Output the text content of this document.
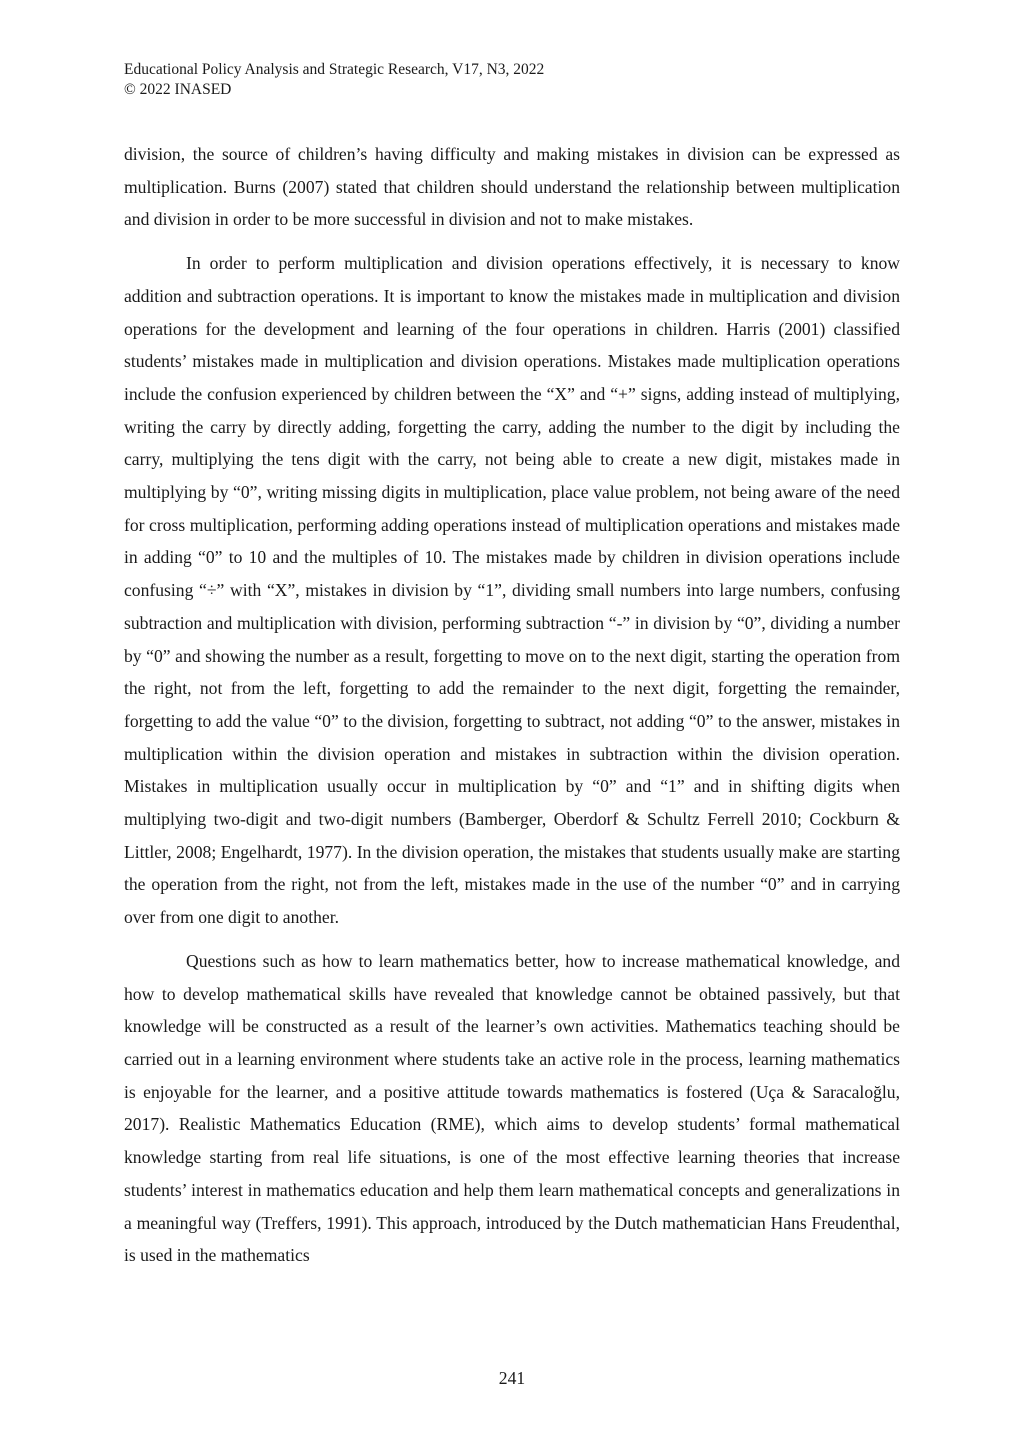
Educational Policy Analysis and Strategic Research, V17, N3, 2022
© 2022 INASED

division, the source of children’s having difficulty and making mistakes in division can be expressed as multiplication. Burns (2007) stated that children should understand the relationship between multiplication and division in order to be more successful in division and not to make mistakes.

In order to perform multiplication and division operations effectively, it is necessary to know addition and subtraction operations. It is important to know the mistakes made in multiplication and division operations for the development and learning of the four operations in children. Harris (2001) classified students’ mistakes made in multiplication and division operations. Mistakes made multiplication operations include the confusion experienced by children between the “X” and “+” signs, adding instead of multiplying, writing the carry by directly adding, forgetting the carry, adding the number to the digit by including the carry, multiplying the tens digit with the carry, not being able to create a new digit, mistakes made in multiplying by “0”, writing missing digits in multiplication, place value problem, not being aware of the need for cross multiplication, performing adding operations instead of multiplication operations and mistakes made in adding “0” to 10 and the multiples of 10. The mistakes made by children in division operations include confusing “÷” with “X”, mistakes in division by “1”, dividing small numbers into large numbers, confusing subtraction and multiplication with division, performing subtraction “-” in division by “0”, dividing a number by “0” and showing the number as a result, forgetting to move on to the next digit, starting the operation from the right, not from the left, forgetting to add the remainder to the next digit, forgetting the remainder, forgetting to add the value “0” to the division, forgetting to subtract, not adding “0” to the answer, mistakes in multiplication within the division operation and mistakes in subtraction within the division operation. Mistakes in multiplication usually occur in multiplication by “0” and “1” and in shifting digits when multiplying two-digit and two-digit numbers (Bamberger, Oberdorf & Schultz Ferrell 2010; Cockburn & Littler, 2008; Engelhardt, 1977). In the division operation, the mistakes that students usually make are starting the operation from the right, not from the left, mistakes made in the use of the number “0” and in carrying over from one digit to another.

Questions such as how to learn mathematics better, how to increase mathematical knowledge, and how to develop mathematical skills have revealed that knowledge cannot be obtained passively, but that knowledge will be constructed as a result of the learner’s own activities. Mathematics teaching should be carried out in a learning environment where students take an active role in the process, learning mathematics is enjoyable for the learner, and a positive attitude towards mathematics is fostered (Uça & Saracaloğlu, 2017). Realistic Mathematics Education (RME), which aims to develop students’ formal mathematical knowledge starting from real life situations, is one of the most effective learning theories that increase students’ interest in mathematics education and help them learn mathematical concepts and generalizations in a meaningful way (Treffers, 1991). This approach, introduced by the Dutch mathematician Hans Freudenthal, is used in the mathematics

241
